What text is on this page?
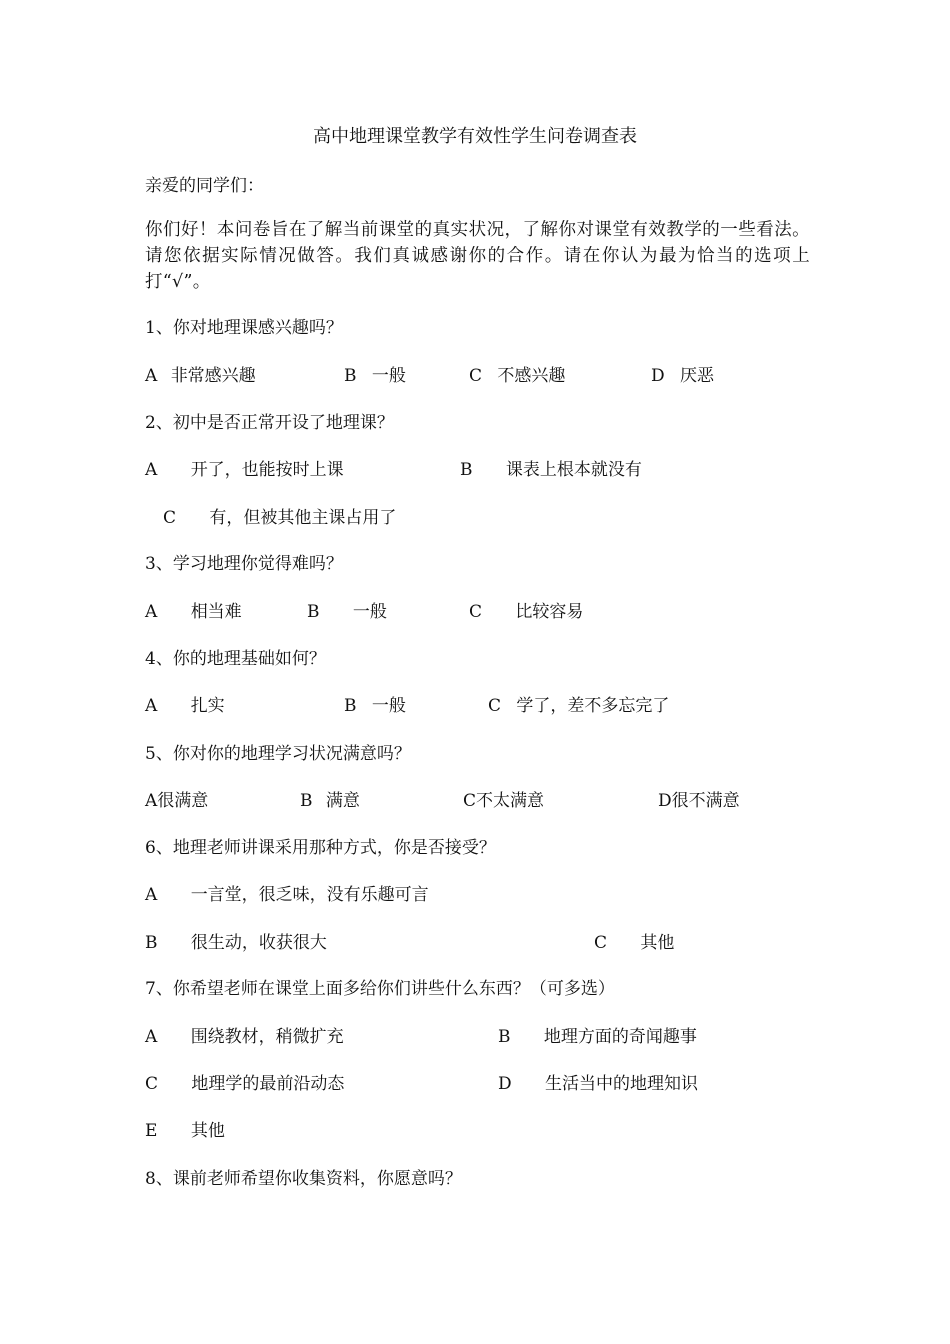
高中地理课堂教学有效性学生问卷调查表
亲爱的同学们：
你们好！本问卷旨在了解当前课堂的真实状况，了解你对课堂有效教学的一些看法。请您依据实际情况做答。我们真诚感谢你的合作。请在你认为最为恰当的选项上打“√”。
1、你对地理课感兴趣吗？
A 非常感兴趣	B 一般	C 不感兴趣	D 厌恶
2、初中是否正常开设了地理课？
A 开了，也能按时上课	B 课表上根本就没有
C 有，但被其他主课占用了
3、学习地理你觉得难吗？
A 相当难	B 一般	C 比较容易
4、你的地理基础如何？
A 扎实	B 一般	C 学了，差不多忘完了
5、你对你的地理学习状况满意吗？
A很满意	B 满意	C不太满意	D很不满意
6、地理老师讲课采用那种方式，你是否接受？
A 一言堂，很乏味，没有乐趣可言
B 很生动，收获很大	C 其他
7、你希望老师在课堂上面多给你们讲些什么东西？（可多选）
A 围绕教材，稍微扩充	B 地理方面的奇闻趣事
C 地理学的最前沿动态	D 生活当中的地理知识
E 其他
8、课前老师希望你收集资料，你愿意吗？
